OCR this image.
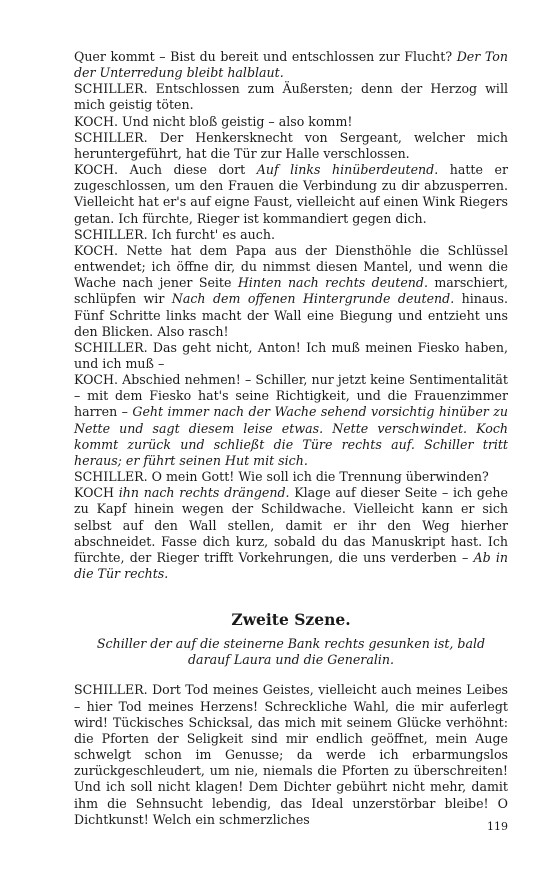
Quer kommt – Bist du bereit und entschlossen zur Flucht? Der Ton der Unterredung bleibt halblaut.

SCHILLER. Entschlossen zum Äußersten; denn der Herzog will mich geistig töten.

KOCH. Und nicht bloß geistig – also komm!

SCHILLER. Der Henkersknecht von Sergeant, welcher mich heruntergeführt, hat die Tür zur Halle verschlossen.

KOCH. Auch diese dort Auf links hinüberdeutend. hatte er zugeschlossen, um den Frauen die Verbindung zu dir abzusperren. Vielleicht hat er's auf eigne Faust, vielleicht auf einen Wink Riegers getan. Ich fürchte, Rieger ist kommandiert gegen dich.

SCHILLER. Ich furcht' es auch.

KOCH. Nette hat dem Papa aus der Diensthöhle die Schlüssel entwendet; ich öffne dir, du nimmst diesen Mantel, und wenn die Wache nach jener Seite Hinten nach rechts deutend. marschiert, schlüpfen wir Nach dem offenen Hintergrunde deutend. hinaus. Fünf Schritte links macht der Wall eine Biegung und entzieht uns den Blicken. Also rasch!

SCHILLER. Das geht nicht, Anton! Ich muß meinen Fiesko haben, und ich muß –

KOCH. Abschied nehmen! – Schiller, nur jetzt keine Sentimentalität – mit dem Fiesko hat's seine Richtigkeit, und die Frauenzimmer harren – Geht immer nach der Wache sehend vorsichtig hinüber zu Nette und sagt diesem leise etwas. Nette verschwindet. Koch kommt zurück und schließt die Türe rechts auf. Schiller tritt heraus; er führt seinen Hut mit sich.

SCHILLER. O mein Gott! Wie soll ich die Trennung überwinden?

KOCH ihn nach rechts drängend. Klage auf dieser Seite – ich gehe zu Kapf hinein wegen der Schildwache. Vielleicht kann er sich selbst auf den Wall stellen, damit er ihr den Weg hierher abschneidet. Fasse dich kurz, sobald du das Manuskript hast. Ich fürchte, der Rieger trifft Vorkehrungen, die uns verderben – Ab in die Tür rechts.

Zweite Szene.
Schiller der auf die steinerne Bank rechts gesunken ist, bald darauf Laura und die Generalin.

SCHILLER. Dort Tod meines Geistes, vielleicht auch meines Leibes – hier Tod meines Herzens! Schreckliche Wahl, die mir auferlegt wird! Tückisches Schicksal, das mich mit seinem Glücke verhöhnt: die Pforten der Seligkeit sind mir endlich geöffnet, mein Auge schwelgt schon im Genusse; da werde ich erbarmungslos zurückgeschleudert, um nie, niemals die Pforten zu überschreiten! Und ich soll nicht klagen! Dem Dichter gebührt nicht mehr, damit ihm die Sehnsucht lebendig, das Ideal unzerstörbar bleibe! O Dichtkunst! Welch ein schmerzliches	119
